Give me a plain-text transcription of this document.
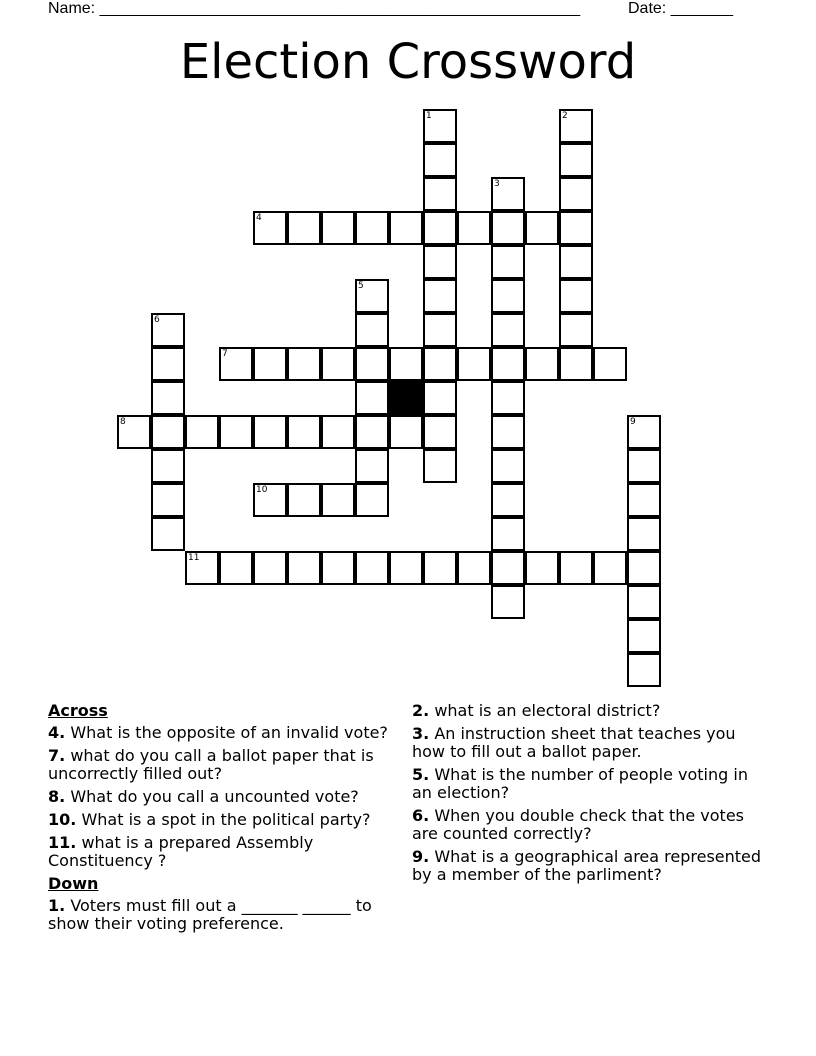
Name: ______________________________________________________	Date: _______
Election Crossword
1	2
3
4
5
6
7
8	9
10
11
Across
4. What is the opposite of an invalid vote?
7. what do you call a ballot paper that is uncorrectly filled out?
8. What do you call a uncounted vote?
10. What is a spot in the political party?
11. what is a prepared Assembly Constituency ?
Down
1. Voters must fill out a _______ ______ to show their voting preference.
2. what is an electoral district?
3. An instruction sheet that teaches you how to fill out a ballot paper.
5. What is the number of people voting in an election?
6. When you double check that the votes are counted correctly?
9. What is a geographical area represented by a member of the parliment?
